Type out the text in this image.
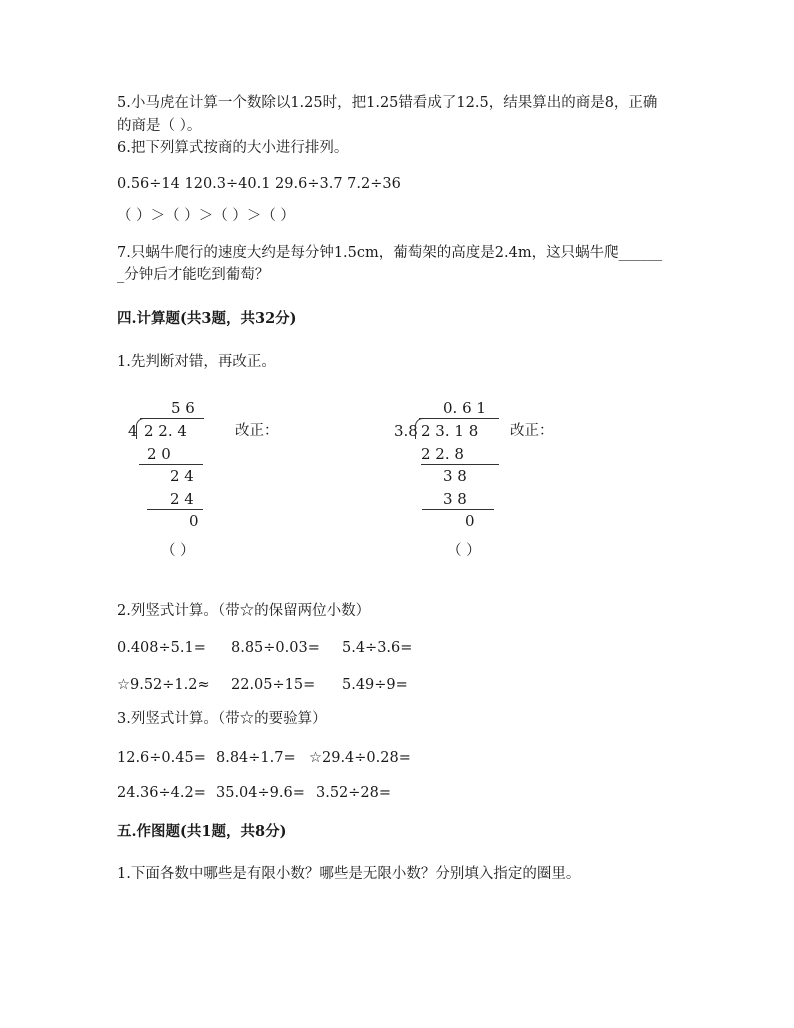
5.小马虎在计算一个数除以1.25时，把1.25错看成了12.5，结果算出的商是8，正确
的商是（ ）。
6.把下列算式按商的大小进行排列。
0.56÷14 120.3÷40.1 29.6÷3.7 7.2÷36
（ ）＞（ ）＞（ ）＞（ ）
7.只蜗牛爬行的速度大约是每分钟1.5cm，葡萄架的高度是2.4m，这只蜗牛爬______
_分钟后才能吃到葡萄？
四.计算题(共3题，共32分)
1.先判断对错，再改正。
5 6
4 2 2. 4
2 0
2 4
2 4
0
改正：
（ ）
0. 6 1
3.8 2 3. 1 8
2 2. 8
3 8
3 8
0
改正：
（ ）
2.列竖式计算。（带☆的保留两位小数）
0.408÷5.1= 8.85÷0.03= 5.4÷3.6=
☆9.52÷1.2≈ 22.05÷15= 5.49÷9=
3.列竖式计算。（带☆的要验算）
12.6÷0.45= 8.84÷1.7= ☆29.4÷0.28=
24.36÷4.2= 35.04÷9.6= 3.52÷28=
五.作图题(共1题，共8分)
1.下面各数中哪些是有限小数？哪些是无限小数？分别填入指定的圈里。
